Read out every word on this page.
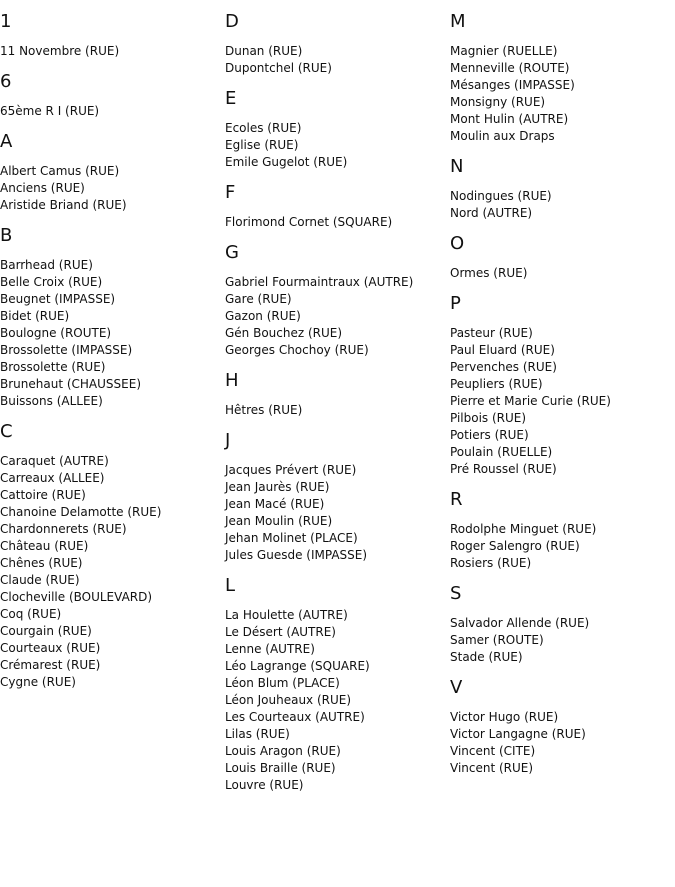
1
11 Novembre (RUE)
6
65ème R I (RUE)
A
Albert Camus (RUE)
Anciens (RUE)
Aristide Briand (RUE)
B
Barrhead (RUE)
Belle Croix (RUE)
Beugnet (IMPASSE)
Bidet (RUE)
Boulogne (ROUTE)
Brossolette (IMPASSE)
Brossolette (RUE)
Brunehaut (CHAUSSEE)
Buissons (ALLEE)
C
Caraquet (AUTRE)
Carreaux (ALLEE)
Cattoire (RUE)
Chanoine Delamotte (RUE)
Chardonnerets (RUE)
Château (RUE)
Chênes (RUE)
Claude (RUE)
Clocheville (BOULEVARD)
Coq (RUE)
Courgain (RUE)
Courteaux (RUE)
Crémarest (RUE)
Cygne (RUE)
D
Dunan (RUE)
Dupontchel (RUE)
E
Ecoles (RUE)
Eglise (RUE)
Emile Gugelot (RUE)
F
Florimond Cornet (SQUARE)
G
Gabriel Fourmaintraux (AUTRE)
Gare (RUE)
Gazon (RUE)
Gén Bouchez (RUE)
Georges Chochoy (RUE)
H
Hêtres (RUE)
J
Jacques Prévert (RUE)
Jean Jaurès (RUE)
Jean Macé (RUE)
Jean Moulin (RUE)
Jehan Molinet (PLACE)
Jules Guesde (IMPASSE)
L
La Houlette (AUTRE)
Le Désert (AUTRE)
Lenne (AUTRE)
Léo Lagrange (SQUARE)
Léon Blum (PLACE)
Léon Jouheaux (RUE)
Les Courteaux (AUTRE)
Lilas (RUE)
Louis Aragon (RUE)
Louis Braille (RUE)
Louvre (RUE)
M
Magnier (RUELLE)
Menneville (ROUTE)
Mésanges (IMPASSE)
Monsigny (RUE)
Mont Hulin (AUTRE)
Moulin aux Draps
N
Nodingues (RUE)
Nord (AUTRE)
O
Ormes (RUE)
P
Pasteur (RUE)
Paul Eluard (RUE)
Pervenches (RUE)
Peupliers (RUE)
Pierre et Marie Curie (RUE)
Pilbois (RUE)
Potiers (RUE)
Poulain (RUELLE)
Pré Roussel (RUE)
R
Rodolphe Minguet (RUE)
Roger Salengro (RUE)
Rosiers (RUE)
S
Salvador Allende (RUE)
Samer (ROUTE)
Stade (RUE)
V
Victor Hugo (RUE)
Victor Langagne (RUE)
Vincent (CITE)
Vincent (RUE)
